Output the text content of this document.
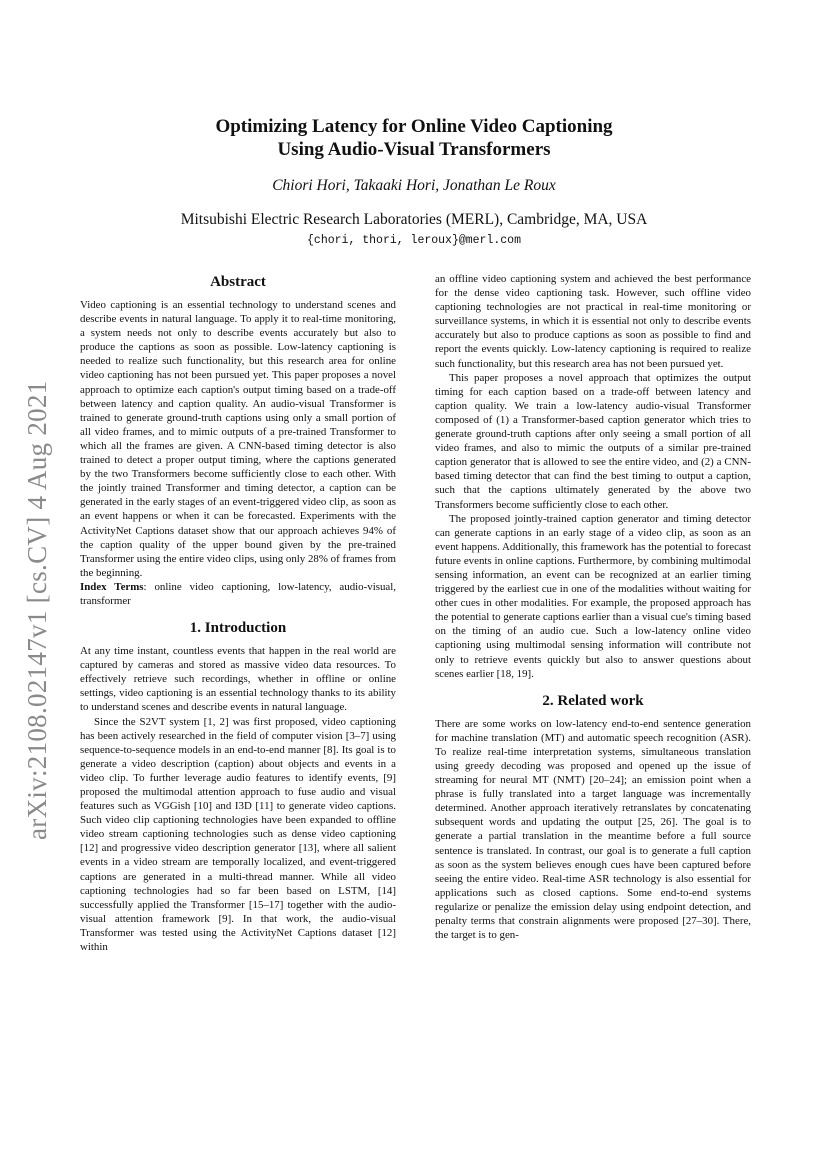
arXiv:2108.02147v1 [cs.CV] 4 Aug 2021
Optimizing Latency for Online Video Captioning
Using Audio-Visual Transformers
Chiori Hori, Takaaki Hori, Jonathan Le Roux
Mitsubishi Electric Research Laboratories (MERL), Cambridge, MA, USA
{chori, thori, leroux}@merl.com
Abstract

Video captioning is an essential technology to understand scenes and describe events in natural language. To apply it to real-time monitoring, a system needs not only to describe events accurately but also to produce the captions as soon as possible. Low-latency captioning is needed to realize such functionality, but this research area for online video captioning has not been pursued yet. This paper proposes a novel approach to optimize each caption's output timing based on a trade-off between latency and caption quality. An audio-visual Transformer is trained to generate ground-truth captions using only a small portion of all video frames, and to mimic outputs of a pre-trained Transformer to which all the frames are given. A CNN-based timing detector is also trained to detect a proper output timing, where the captions generated by the two Transformers become sufficiently close to each other. With the jointly trained Transformer and timing detector, a caption can be generated in the early stages of an event-triggered video clip, as soon as an event happens or when it can be forecasted. Experiments with the ActivityNet Captions dataset show that our approach achieves 94% of the caption quality of the upper bound given by the pre-trained Transformer using the entire video clips, using only 28% of frames from the beginning.

Index Terms: online video captioning, low-latency, audio-visual, transformer

1. Introduction

At any time instant, countless events that happen in the real world are captured by cameras and stored as massive video data resources. To effectively retrieve such recordings, whether in offline or online settings, video captioning is an essential technology thanks to its ability to understand scenes and describe events in natural language.

Since the S2VT system [1, 2] was first proposed, video captioning has been actively researched in the field of computer vision [3–7] using sequence-to-sequence models in an end-to-end manner [8]. Its goal is to generate a video description (caption) about objects and events in a video clip. To further leverage audio features to identify events, [9] proposed the multimodal attention approach to fuse audio and visual features such as VGGish [10] and I3D [11] to generate video captions. Such video clip captioning technologies have been expanded to offline video stream captioning technologies such as dense video captioning [12] and progressive video description generator [13], where all salient events in a video stream are temporally localized, and event-triggered captions are generated in a multi-thread manner. While all video captioning technologies had so far been based on LSTM, [14] successfully applied the Transformer [15–17] together with the audio-visual attention framework [9]. In that work, the audio-visual Transformer was tested using the ActivityNet Captions dataset [12] within

an offline video captioning system and achieved the best performance for the dense video captioning task. However, such offline video captioning technologies are not practical in real-time monitoring or surveillance systems, in which it is essential not only to describe events accurately but also to produce captions as soon as possible to find and report the events quickly. Low-latency captioning is required to realize such functionality, but this research area has not been pursued yet.

This paper proposes a novel approach that optimizes the output timing for each caption based on a trade-off between latency and caption quality. We train a low-latency audio-visual Transformer composed of (1) a Transformer-based caption generator which tries to generate ground-truth captions after only seeing a small portion of all video frames, and also to mimic the outputs of a similar pre-trained caption generator that is allowed to see the entire video, and (2) a CNN-based timing detector that can find the best timing to output a caption, such that the captions ultimately generated by the above two Transformers become sufficiently close to each other.

The proposed jointly-trained caption generator and timing detector can generate captions in an early stage of a video clip, as soon as an event happens. Additionally, this framework has the potential to forecast future events in online captions. Furthermore, by combining multimodal sensing information, an event can be recognized at an earlier timing triggered by the earliest cue in one of the modalities without waiting for other cues in other modalities. For example, the proposed approach has the potential to generate captions earlier than a visual cue's timing based on the timing of an audio cue. Such a low-latency online video captioning using multimodal sensing information will contribute not only to retrieve events quickly but also to answer questions about scenes earlier [18, 19].

2. Related work

There are some works on low-latency end-to-end sentence generation for machine translation (MT) and automatic speech recognition (ASR). To realize real-time interpretation systems, simultaneous translation using greedy decoding was proposed and opened up the issue of streaming for neural MT (NMT) [20–24]; an emission point when a phrase is fully translated into a target language was incrementally determined. Another approach iteratively retranslates by concatenating subsequent words and updating the output [25, 26]. The goal is to generate a partial translation in the meantime before a full source sentence is translated. In contrast, our goal is to generate a full caption as soon as the system believes enough cues have been captured before seeing the entire video. Real-time ASR technology is also essential for applications such as closed captions. Some end-to-end systems regularize or penalize the emission delay using endpoint detection, and penalty terms that constrain alignments were proposed [27–30]. There, the target is to gen-
